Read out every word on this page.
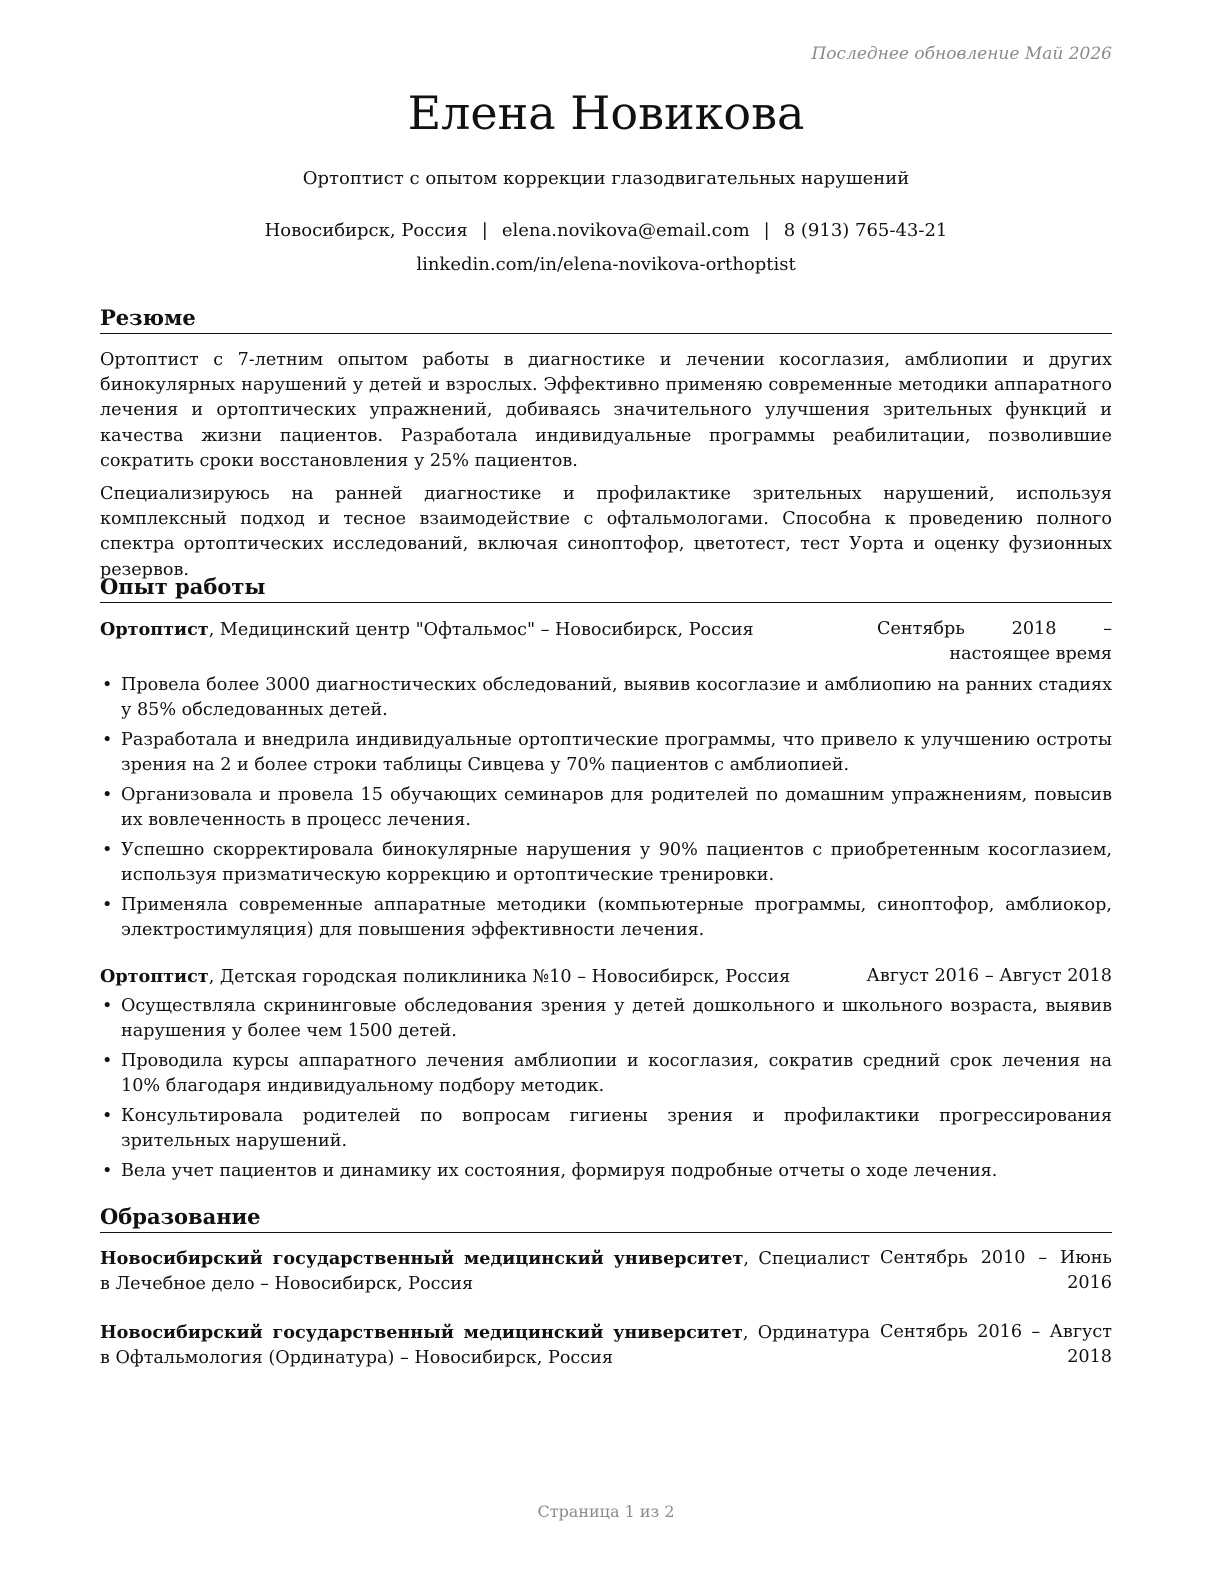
Последнее обновление Май 2026
Елена Новикова
Ортоптист с опытом коррекции глазодвигательных нарушений
Новосибирск, Россия | elena.novikova@email.com | 8 (913) 765-43-21
linkedin.com/in/elena-novikova-orthoptist
Резюме

Ортоптист с 7-летним опытом работы в диагностике и лечении косоглазия, амблиопии и других бинокулярных нарушений у детей и взрослых. Эффективно применяю современные методики аппаратного лечения и ортоптических упражнений, добиваясь значительного улучшения зрительных функций и качества жизни пациентов. Разработала индивидуальные программы реабилитации, позволившие сократить сроки восстановления у 25% пациентов.

Специализируюсь на ранней диагностике и профилактике зрительных нарушений, используя комплексный подход и тесное взаимодействие с офтальмологами. Способна к проведению полного спектра ортоптических исследований, включая синоптофор, цветотест, тест Уорта и оценку фузионных резервов.

Опыт работы
Ортоптист, Медицинский центр "Офтальмос" – Новосибирск, Россия	Сентябрь 2018 – настоящее время
• Провела более 3000 диагностических обследований, выявив косоглазие и амблиопию на ранних стадиях у 85% обследованных детей.
• Разработала и внедрила индивидуальные ортоптические программы, что привело к улучшению остроты зрения на 2 и более строки таблицы Сивцева у 70% пациентов с амблиопией.
• Организовала и провела 15 обучающих семинаров для родителей по домашним упражнениям, повысив их вовлеченность в процесс лечения.
• Успешно скорректировала бинокулярные нарушения у 90% пациентов с приобретенным косоглазием, используя призматическую коррекцию и ортоптические тренировки.
• Применяла современные аппаратные методики (компьютерные программы, синоптофор, амблиокор, электростимуляция) для повышения эффективности лечения.
Ортоптист, Детская городская поликлиника №10 – Новосибирск, Россия	Август 2016 – Август 2018
• Осуществляла скрининговые обследования зрения у детей дошкольного и школьного возраста, выявив нарушения у более чем 1500 детей.
• Проводила курсы аппаратного лечения амблиопии и косоглазия, сократив средний срок лечения на 10% благодаря индивидуальному подбору методик.
• Консультировала родителей по вопросам гигиены зрения и профилактики прогрессирования зрительных нарушений.
• Вела учет пациентов и динамику их состояния, формируя подробные отчеты о ходе лечения.
Образование
Новосибирский государственный медицинский университет, Специалист в Лечебное дело – Новосибирск, Россия
Сентябрь 2010 – Июнь 2016
Новосибирский государственный медицинский университет, Ординатура в Офтальмология (Ординатура) – Новосибирск, Россия
Сентябрь 2016 – Август 2018
Страница 1 из 2
